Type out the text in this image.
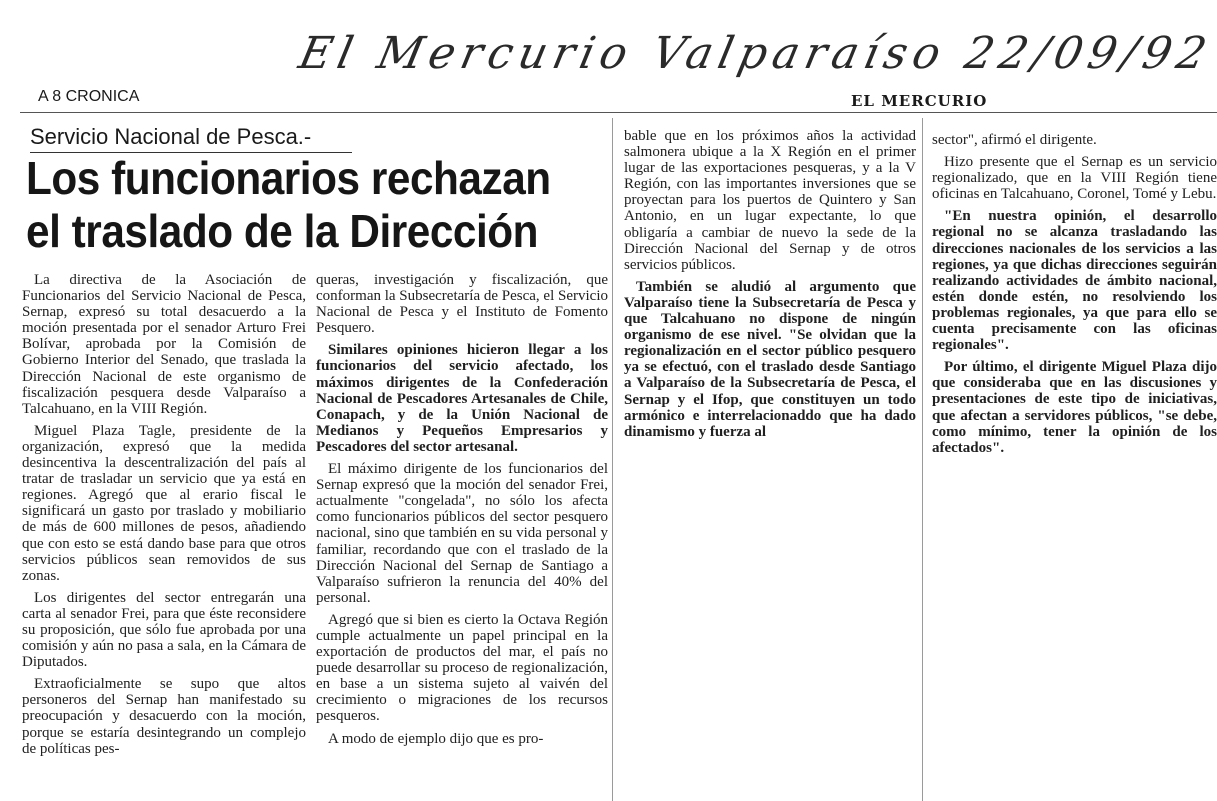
El Mercurio Valparaíso 22/09/92
A 8 CRONICA	EL MERCURIO
Servicio Nacional de Pesca.-
Los funcionarios rechazan el traslado de la Dirección

La directiva de la Asociación de Funcionarios del Servicio Nacional de Pesca, Sernap, expresó su total desacuerdo a la moción presentada por el senador Arturo Frei Bolívar, aprobada por la Comisión de Gobierno Interior del Senado, que traslada la Dirección Nacional de este organismo de fiscalización pesquera desde Valparaíso a Talcahuano, en la VIII Región.

Miguel Plaza Tagle, presidente de la organización, expresó que la medida desincentiva la descentralización del país al tratar de trasladar un servicio que ya está en regiones. Agregó que al erario fiscal le significará un gasto por traslado y mobiliario de más de 600 millones de pesos, añadiendo que con esto se está dando base para que otros servicios públicos sean removidos de sus zonas.

Los dirigentes del sector entregarán una carta al senador Frei, para que éste reconsidere su proposición, que sólo fue aprobada por una comisión y aún no pasa a sala, en la Cámara de Diputados.

Extraoficialmente se supo que altos personeros del Sernap han manifestado su preocupación y desacuerdo con la moción, porque se estaría desintegrando un complejo de políticas pes-

queras, investigación y fiscalización, que conforman la Subsecretaría de Pesca, el Servicio Nacional de Pesca y el Instituto de Fomento Pesquero.

Similares opiniones hicieron llegar a los funcionarios del servicio afectado, los máximos dirigentes de la Confederación Nacional de Pescadores Artesanales de Chile, Conapach, y de la Unión Nacional de Medianos y Pequeños Empresarios y Pescadores del sector artesanal.

El máximo dirigente de los funcionarios del Sernap expresó que la moción del senador Frei, actualmente "congelada", no sólo los afecta como funcionarios públicos del sector pesquero nacional, sino que también en su vida personal y familiar, recordando que con el traslado de la Dirección Nacional del Sernap de Santiago a Valparaíso sufrieron la renuncia del 40% del personal.

Agregó que si bien es cierto la Octava Región cumple actualmente un papel principal en la exportación de productos del mar, el país no puede desarrollar su proceso de regionalización, en base a un sistema sujeto al vaivén del crecimiento o migraciones de los recursos pesqueros.

A modo de ejemplo dijo que es pro-

bable que en los próximos años la actividad salmonera ubique a la X Región en el primer lugar de las exportaciones pesqueras, y a la V Región, con las importantes inversiones que se proyectan para los puertos de Quintero y San Antonio, en un lugar expectante, lo que obligaría a cambiar de nuevo la sede de la Dirección Nacional del Sernap y de otros servicios públicos.

También se aludió al argumento que Valparaíso tiene la Subsecretaría de Pesca y que Talcahuano no dispone de ningún organismo de ese nivel. "Se olvidan que la regionalización en el sector público pesquero ya se efectuó, con el traslado desde Santiago a Valparaíso de la Subsecretaría de Pesca, el Sernap y el Ifop, que constituyen un todo armónico e interrelacionaddo que ha dado dinamismo y fuerza al

sector", afirmó el dirigente.

Hizo presente que el Sernap es un servicio regionalizado, que en la VIII Región tiene oficinas en Talcahuano, Coronel, Tomé y Lebu.

"En nuestra opinión, el desarrollo regional no se alcanza trasladando las direcciones nacionales de los servicios a las regiones, ya que dichas direcciones seguirán realizando actividades de ámbito nacional, estén donde estén, no resolviendo los problemas regionales, ya que para ello se cuenta precisamente con las oficinas regionales".

Por último, el dirigente Miguel Plaza dijo que consideraba que en las discusiones y presentaciones de este tipo de iniciativas, que afectan a servidores públicos, "se debe, como mínimo, tener la opinión de los afectados".
